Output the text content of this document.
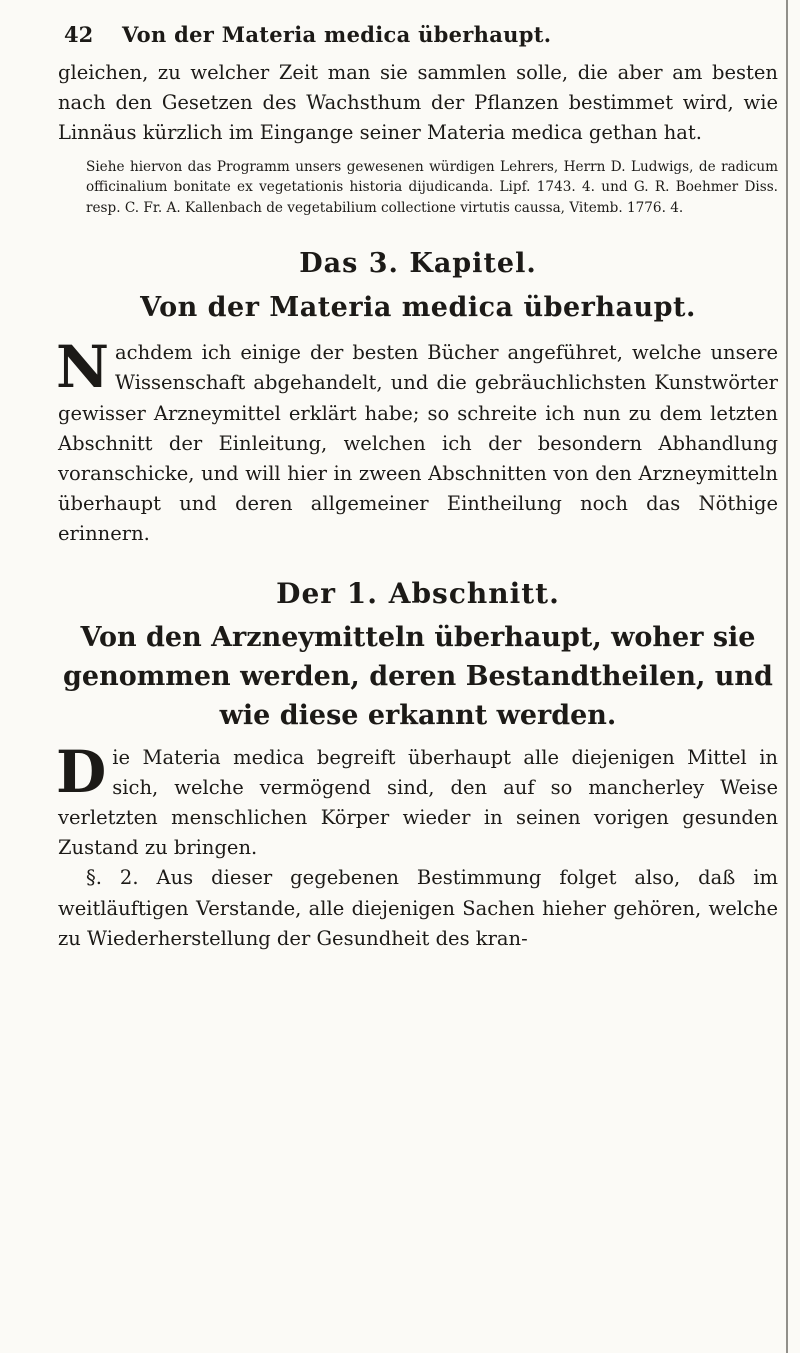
42 Von der Materia medica überhaupt.

gleichen, zu welcher Zeit man sie sammlen solle, die aber am besten nach den Gesetzen des Wachsthum der Pflanzen bestimmet wird, wie Linnäus kürzlich im Eingange seiner Materia medica gethan hat.

Siehe hiervon das Programm unsers gewesenen würdigen Lehrers, Herrn D. Ludwigs, de radicum officinalium bonitate ex vegetationis historia dijudicanda. Lipf. 1743. 4. und G. R. Boehmer Diss. resp. C. Fr. A. Kallenbach de vegetabilium collectione virtutis caussa, Vitemb. 1776. 4.

Das 3. Kapitel.
Von der Materia medica überhaupt.

Nachdem ich einige der besten Bücher angeführet, welche unsere Wissenschaft abgehandelt, und die gebräuchlichsten Kunstwörter gewisser Arzneymittel erklärt habe; so schreite ich nun zu dem letzten Abschnitt der Einleitung, welchen ich der besondern Abhandlung voranschicke, und will hier in zween Abschnitten von den Arzneymitteln überhaupt und deren allgemeiner Eintheilung noch das Nöthige erinnern.

Der 1. Abschnitt.
Von den Arzneymitteln überhaupt, woher sie genommen werden, deren Bestandtheilen, und wie diese erkannt werden.

Die Materia medica begreift überhaupt alle diejenigen Mittel in sich, welche vermögend sind, den auf so mancherley Weise verletzten menschlichen Körper wieder in seinen vorigen gesunden Zustand zu bringen.

§. 2. Aus dieser gegebenen Bestimmung folget also, daß im weitläuftigen Verstande, alle diejenigen Sachen hieher gehören, welche zu Wiederherstellung der Gesundheit des kran-
